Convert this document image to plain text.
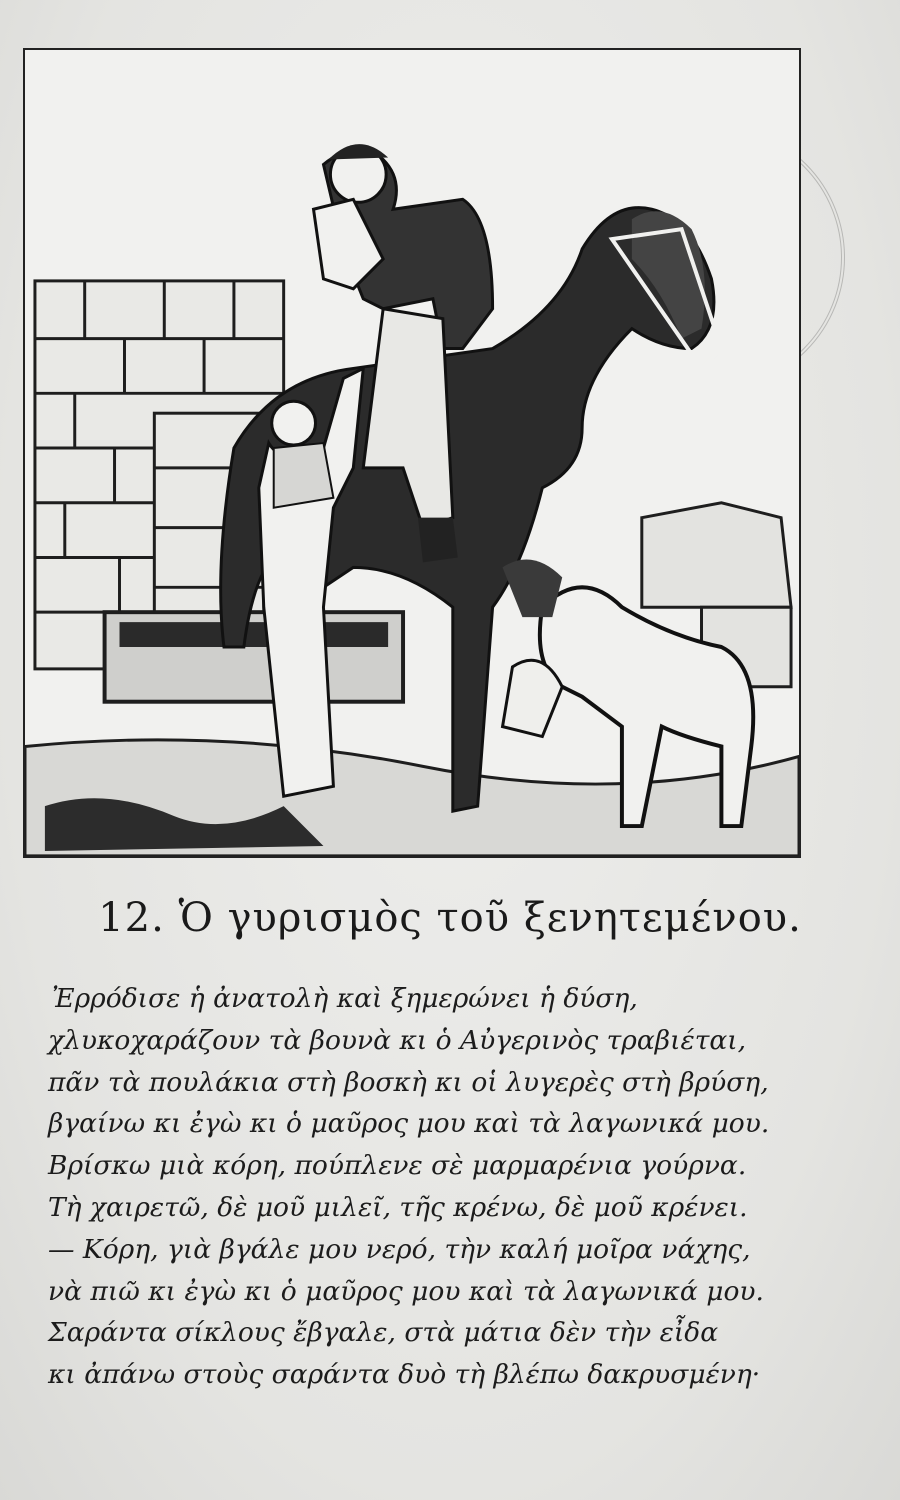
12. Ὁ γυρισμὸς τοῦ ξενητεμένου.
Ἐρρόδισε ἡ ἀνατολὴ καὶ ξημερώνει ἡ δύση,
χλυκοχαράζουν τὰ βουνὰ κι ὁ Αὐγερινὸς τραβιέται,
πᾶν τὰ πουλάκια στὴ βοσκὴ κι οἱ λυγερὲς στὴ βρύση,
βγαίνω κι ἐγὼ κι ὁ μαῦρος μου καὶ τὰ λαγωνικά μου.
Βρίσκω μιὰ κόρη, πούπλενε σὲ μαρμαρένια γούρνα.
Τὴ χαιρετῶ, δὲ μοῦ μιλεῖ, τῆς κρένω, δὲ μοῦ κρένει.
— Κόρη, γιὰ βγάλε μου νερό, τὴν καλή μοῖρα νάχης,
νὰ πιῶ κι ἐγὼ κι ὁ μαῦρος μου καὶ τὰ λαγωνικά μου.
Σαράντα σίκλους ἔβγαλε, στὰ μάτια δὲν τὴν εἶδα
κι ἀπάνω στοὺς σαράντα δυὸ τὴ βλέπω δακρυσμένη·
